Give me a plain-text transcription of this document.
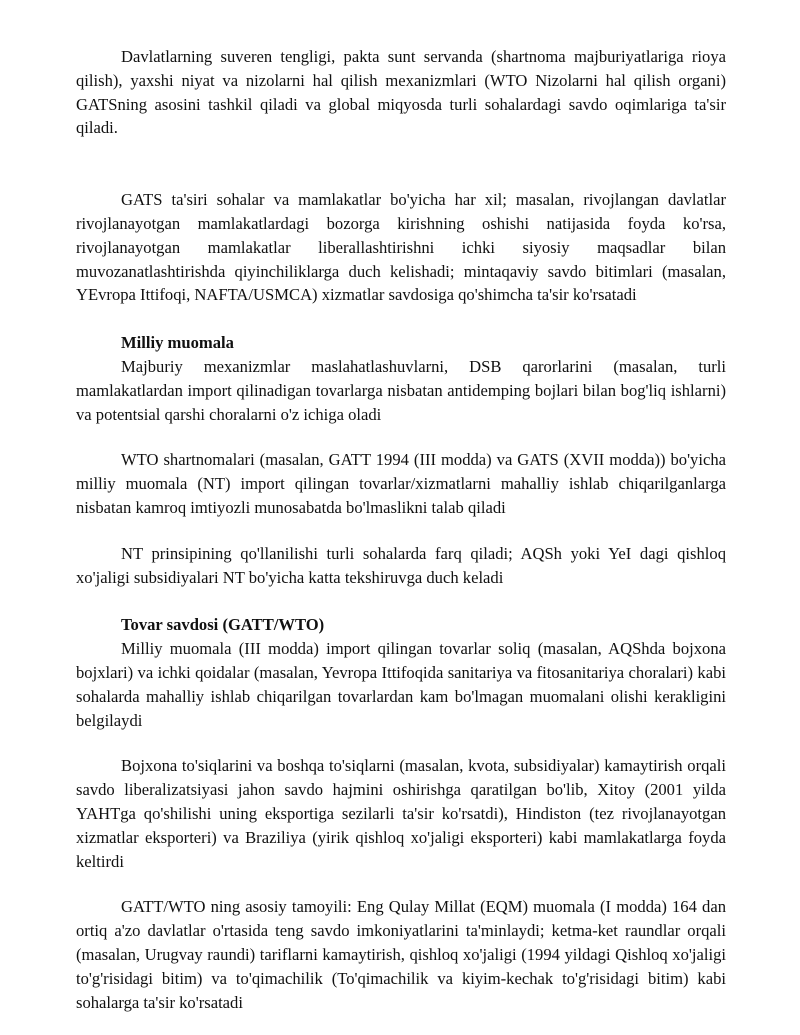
Davlatlarning suveren tengligi, pakta sunt servanda (shartnoma majburiyatlariga rioya qilish), yaxshi niyat va nizolarni hal qilish mexanizmlari (WTO Nizolarni hal qilish organi) GATSning asosini tashkil qiladi va global miqyosda turli sohalardagi savdo oqimlariga ta'sir qiladi.

GATS ta'siri sohalar va mamlakatlar bo'yicha har xil; masalan, rivojlangan davlatlar rivojlanayotgan mamlakatlardagi bozorga kirishning oshishi natijasida foyda ko'rsa, rivojlanayotgan mamlakatlar liberallashtirishni ichki siyosiy maqsadlar bilan muvozanatlashtirishda qiyinchiliklarga duch kelishadi; mintaqaviy savdo bitimlari (masalan, YEvropa Ittifoqi, NAFTA/USMCA) xizmatlar savdosiga qo'shimcha ta'sir ko'rsatadi

Milliy muomala

Majburiy mexanizmlar maslahatlashuvlarni, DSB qarorlarini (masalan, turli mamlakatlardan import qilinadigan tovarlarga nisbatan antidemping bojlari bilan bog'liq ishlarni) va potentsial qarshi choralarni o'z ichiga oladi

WTO shartnomalari (masalan, GATT 1994 (III modda) va GATS (XVII modda)) bo'yicha milliy muomala (NT) import qilingan tovarlar/xizmatlarni mahalliy ishlab chiqarilganlarga nisbatan kamroq imtiyozli munosabatda bo'lmaslikni talab qiladi

NT prinsipining qo'llanilishi turli sohalarda farq qiladi; AQSh yoki YeI dagi qishloq xo'jaligi subsidiyalari NT bo'yicha katta tekshiruvga duch keladi

Tovar savdosi (GATT/WTO)

Milliy muomala (III modda) import qilingan tovarlar soliq (masalan, AQShda bojxona bojxlari) va ichki qoidalar (masalan, Yevropa Ittifoqida sanitariya va fitosanitariya choralari) kabi sohalarda mahalliy ishlab chiqarilgan tovarlardan kam bo'lmagan muomalani olishi kerakligini belgilaydi

Bojxona to'siqlarini va boshqa to'siqlarni (masalan, kvota, subsidiyalar) kamaytirish orqali savdo liberalizatsiyasi jahon savdo hajmini oshirishga qaratilgan bo'lib, Xitoy (2001 yilda YAHTga qo'shilishi uning eksportiga sezilarli ta'sir ko'rsatdi), Hindiston (tez rivojlanayotgan xizmatlar eksporteri) va Braziliya (yirik qishloq xo'jaligi eksporteri) kabi mamlakatlarga foyda keltirdi

GATT/WTO ning asosiy tamoyili: Eng Qulay Millat (EQM) muomala (I modda) 164 dan ortiq a'zo davlatlar o'rtasida teng savdo imkoniyatlarini ta'minlaydi; ketma-ket raundlar orqali (masalan, Urugvay raundi) tariflarni kamaytirish, qishloq xo'jaligi (1994 yildagi Qishloq xo'jaligi to'g'risidagi bitim) va to'qimachilik (To'qimachilik va kiyim-kechak to'g'risidagi bitim) kabi sohalarga ta'sir ko'rsatadi
